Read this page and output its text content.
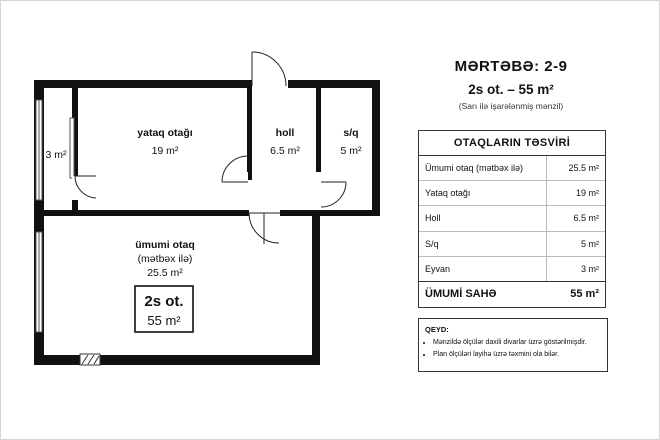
yataq otağı
19 m²
holl
6.5 m²
s/q
5 m²
3 m²
ümumi otaq
(mətbəx ilə)
25.5 m²
2s ot.
55 m²
MƏRTƏBƏ: 2-9
2s ot. – 55 m²
(Sarı ilə işarələnmiş mənzil)
OTAQLARIN TƏSVİRİ
Ümumi otaq (mətbəx ilə)	25.5 m²
Yataq otağı	19 m²
Holl	6.5 m²
S/q	5 m²
Eyvan	3 m²
ÜMUMİ SAHƏ	55 m²
QEYD:
• Mənzildə ölçülər daxili divarlar üzrə göstərilmişdir.
• Plan ölçüləri layihə üzrə təxmini ola bilər.
